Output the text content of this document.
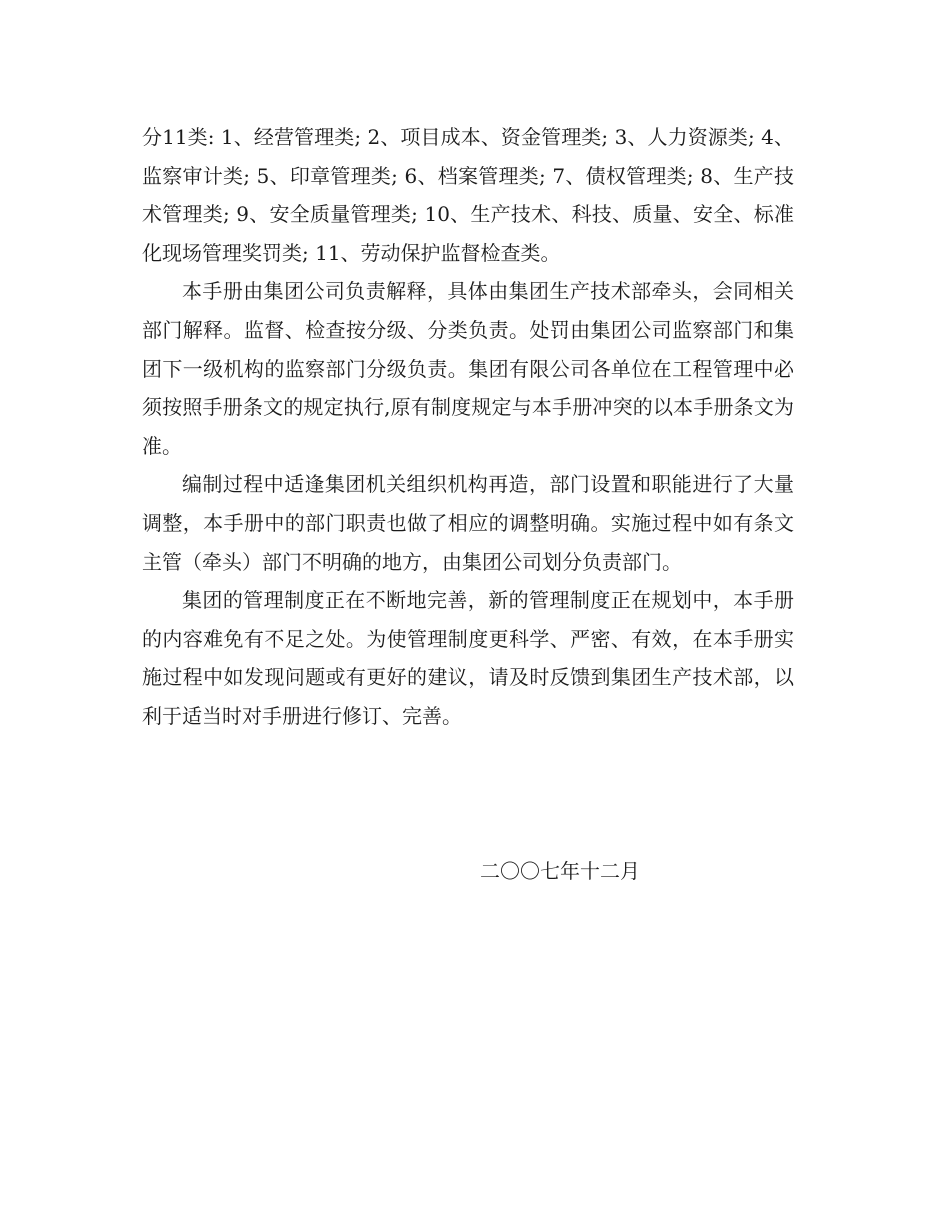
分11类: 1、经营管理类; 2、项目成本、资金管理类; 3、人力资源类; 4、监察审计类; 5、印章管理类; 6、档案管理类; 7、债权管理类; 8、生产技术管理类; 9、安全质量管理类; 10、生产技术、科技、质量、安全、标准化现场管理奖罚类; 11、劳动保护监督检查类。

本手册由集团公司负责解释，具体由集团生产技术部牵头，会同相关部门解释。监督、检查按分级、分类负责。处罚由集团公司监察部门和集团下一级机构的监察部门分级负责。集团有限公司各单位在工程管理中必须按照手册条文的规定执行,原有制度规定与本手册冲突的以本手册条文为准。

编制过程中适逢集团机关组织机构再造，部门设置和职能进行了大量调整，本手册中的部门职责也做了相应的调整明确。实施过程中如有条文主管（牵头）部门不明确的地方，由集团公司划分负责部门。

集团的管理制度正在不断地完善，新的管理制度正在规划中，本手册的内容难免有不足之处。为使管理制度更科学、严密、有效，在本手册实施过程中如发现问题或有更好的建议，请及时反馈到集团生产技术部，以利于适当时对手册进行修订、完善。

二〇〇七年十二月
